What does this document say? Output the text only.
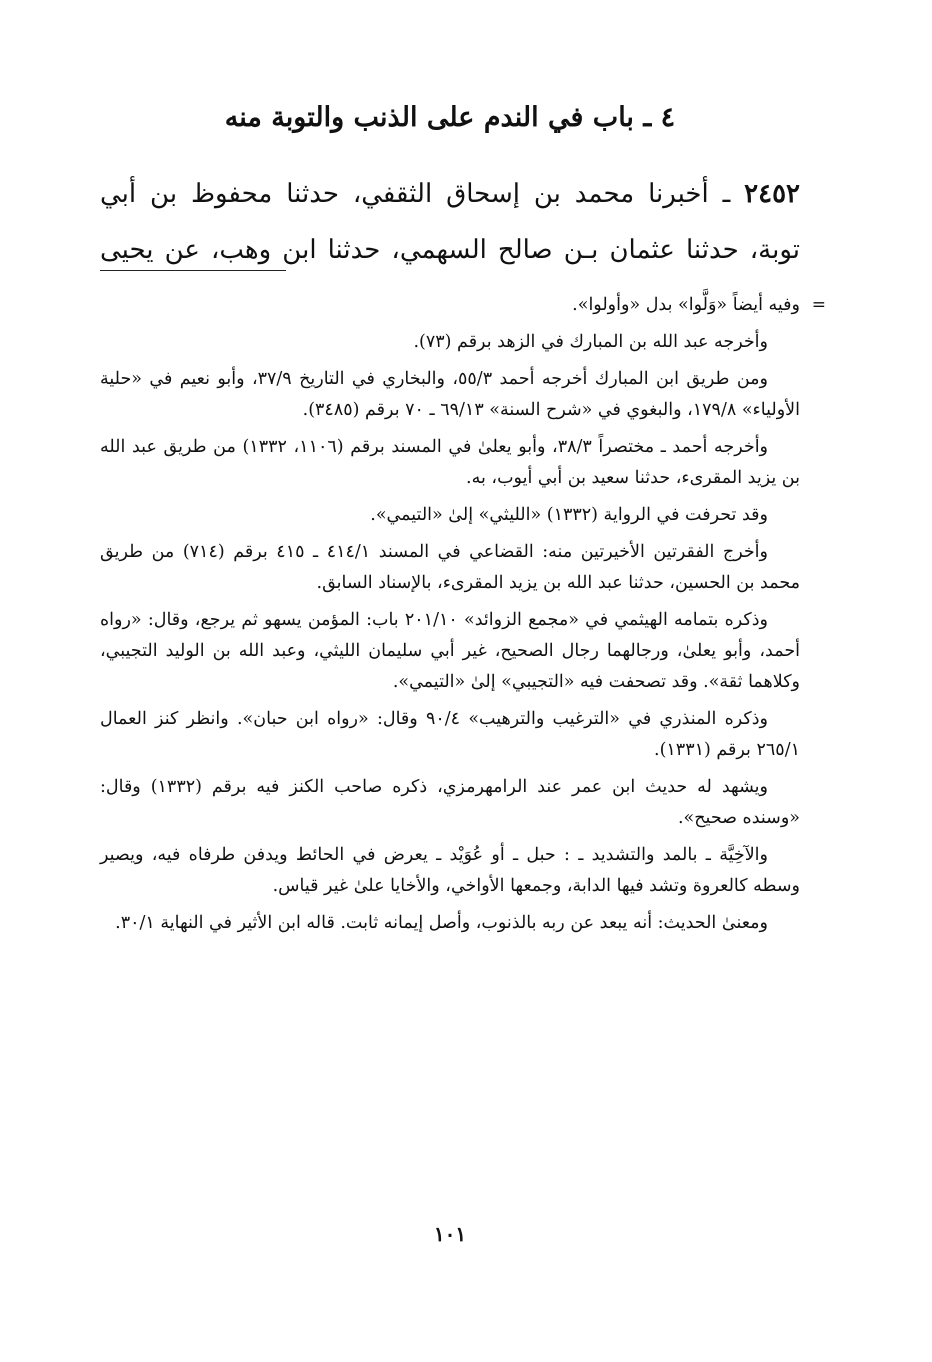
٤ ـ باب في الندم على الذنب والتوبة منه

٢٤٥٢ ـ أخبرنا محمد بن إسحاق الثقفي، حدثنا محفوظ بن أبي توبة، حدثنا عثمان بـن صالح السهمي، حدثنا ابن وهب، عن يحيى

=
وفيه أيضاً «وَلَّوا» بدل «وأولوا».

وأخرجه عبد الله بن المبارك في الزهد برقم (٧٣).

ومن طريق ابن المبارك أخرجه أحمد ٥٥/٣، والبخاري في التاريخ ٣٧/٩، وأبو نعيم في «حلية الأولياء» ١٧٩/٨، والبغوي في «شرح السنة» ٦٩/١٣ ـ ٧٠ برقم (٣٤٨٥).

وأخرجه أحمد ـ مختصراً ٣٨/٣، وأبو يعلىٰ في المسند برقم (١١٠٦، ١٣٣٢) من طريق عبد الله بن يزيد المقرىء، حدثنا سعيد بن أبي أيوب، به.

وقد تحرفت في الرواية (١٣٣٢) «الليثي» إلىٰ «التيمي».

وأخرج الفقرتين الأخيرتين منه: القضاعي في المسند ٤١٤/١ ـ ٤١٥ برقم (٧١٤) من طريق محمد بن الحسين، حدثنا عبد الله بن يزيد المقرىء، بالإسناد السابق.

وذكره بتمامه الهيثمي في «مجمع الزوائد» ٢٠١/١٠ باب: المؤمن يسهو ثم يرجع، وقال: «رواه أحمد، وأبو يعلىٰ، ورجالهما رجال الصحيح، غير أبي سليمان الليثي، وعبد الله بن الوليد التجيبي، وكلاهما ثقة». وقد تصحفت فيه «التجيبي» إلىٰ «التيمي».

وذكره المنذري في «الترغيب والترهيب» ٩٠/٤ وقال: «رواه ابن حبان». وانظر كنز العمال ٢٦٥/١ برقم (١٣٣١).

ويشهد له حديث ابن عمر عند الرامهرمزي، ذكره صاحب الكنز فيه برقم (١٣٣٢) وقال: «وسنده صحيح».

والآخِيَّة ـ بالمد والتشديد ـ : حبل ـ أو عُوَيْد ـ يعرض في الحائط ويدفن طرفاه فيه، ويصير وسطه كالعروة وتشد فيها الدابة، وجمعها الأواخي، والأخايا علىٰ غير قياس.

ومعنىٰ الحديث: أنه يبعد عن ربه بالذنوب، وأصل إيمانه ثابت. قاله ابن الأثير في النهاية ٣٠/١.

١٠١
